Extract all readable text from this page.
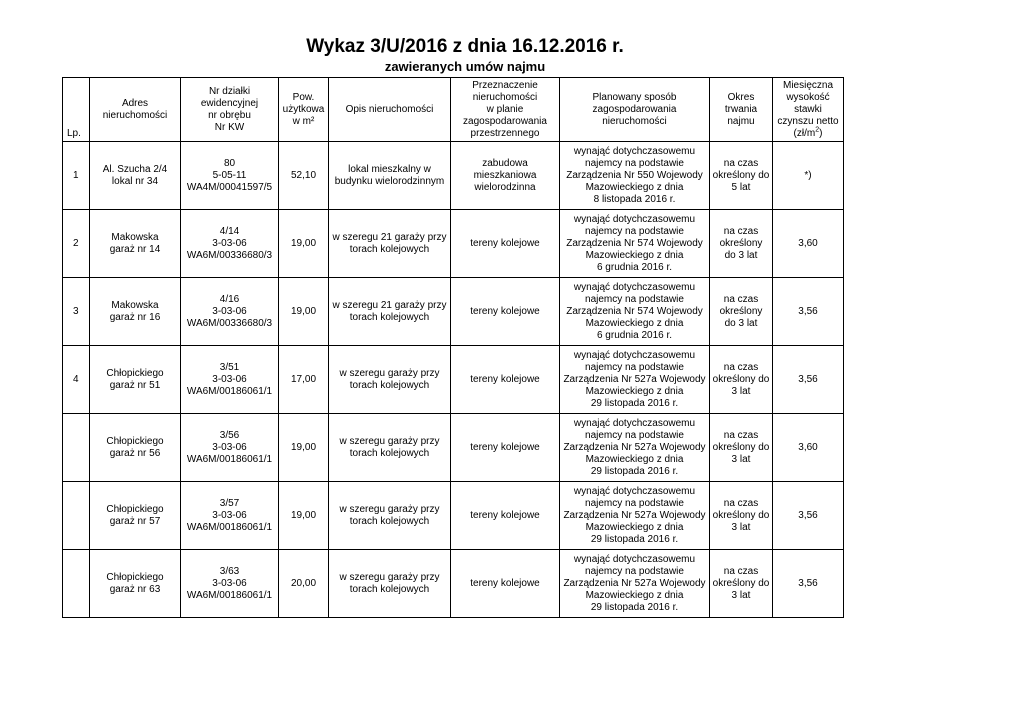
Wykaz 3/U/2016 z dnia 16.12.2016 r.
zawieranych umów najmu
Lp.	Adres
nieruchomości	Nr działki
ewidencyjnej
nr obrębu
Nr KW	Pow.
użytkowa
w m²	Opis nieruchomości	Przeznaczenie
nieruchomości
w planie
zagospodarowania
przestrzennego	Planowany sposób
zagospodarowania nieruchomości	Okres trwania
najmu	Miesięczna
wysokość
stawki
czynszu netto
$(zł/m^2)$
1	Al. Szucha 2/4
lokal nr 34	80
5-05-11
WA4M/00041597/5	52,10	lokal mieszkalny w
budynku wielorodzinnym	zabudowa
mieszkaniowa
wielorodzinna	wynająć dotychczasowemu
najemcy na podstawie
Zarządzenia Nr 550 Wojewody
Mazowieckiego z dnia
8 listopada 2016 r.	na czas
określony do
5 lat	*)
2	Makowska
garaż nr 14	4/14
3-03-06
WA6M/00336680/3	19,00	w szeregu 21 garaży przy
torach kolejowych	tereny kolejowe	wynająć dotychczasowemu
najemcy na podstawie
Zarządzenia Nr 574 Wojewody
Mazowieckiego z dnia
6 grudnia 2016 r.	na czas
określony
do 3 lat	3,60
3	Makowska
garaż nr 16	4/16
3-03-06
WA6M/00336680/3	19,00	w szeregu 21 garaży przy
torach kolejowych	tereny kolejowe	wynająć dotychczasowemu
najemcy na podstawie
Zarządzenia Nr 574 Wojewody
Mazowieckiego z dnia
6 grudnia 2016 r.	na czas
określony
do 3 lat	3,56
4	Chłopickiego
garaż nr 51	3/51
3-03-06
WA6M/00186061/1	17,00	w szeregu garaży przy
torach kolejowych	tereny kolejowe	wynająć dotychczasowemu
najemcy na podstawie
Zarządzenia Nr 527a Wojewody
Mazowieckiego z dnia
29 listopada 2016 r.	na czas
określony do
3 lat	3,56
	Chłopickiego
garaż nr 56	3/56
3-03-06
WA6M/00186061/1	19,00	w szeregu garaży przy
torach kolejowych	tereny kolejowe	wynająć dotychczasowemu
najemcy na podstawie
Zarządzenia Nr 527a Wojewody
Mazowieckiego z dnia
29 listopada 2016 r.	na czas
określony do
3 lat	3,60
	Chłopickiego
garaż nr 57	3/57
3-03-06
WA6M/00186061/1	19,00	w szeregu garaży przy
torach kolejowych	tereny kolejowe	wynająć dotychczasowemu
najemcy na podstawie
Zarządzenia Nr 527a Wojewody
Mazowieckiego z dnia
29 listopada 2016 r.	na czas
określony do
3 lat	3,56
	Chłopickiego
garaż nr 63	3/63
3-03-06
WA6M/00186061/1	20,00	w szeregu garaży przy
torach kolejowych	tereny kolejowe	wynająć dotychczasowemu
najemcy na podstawie
Zarządzenia Nr 527a Wojewody
Mazowieckiego z dnia
29 listopada 2016 r.	na czas
określony do
3 lat	3,56
